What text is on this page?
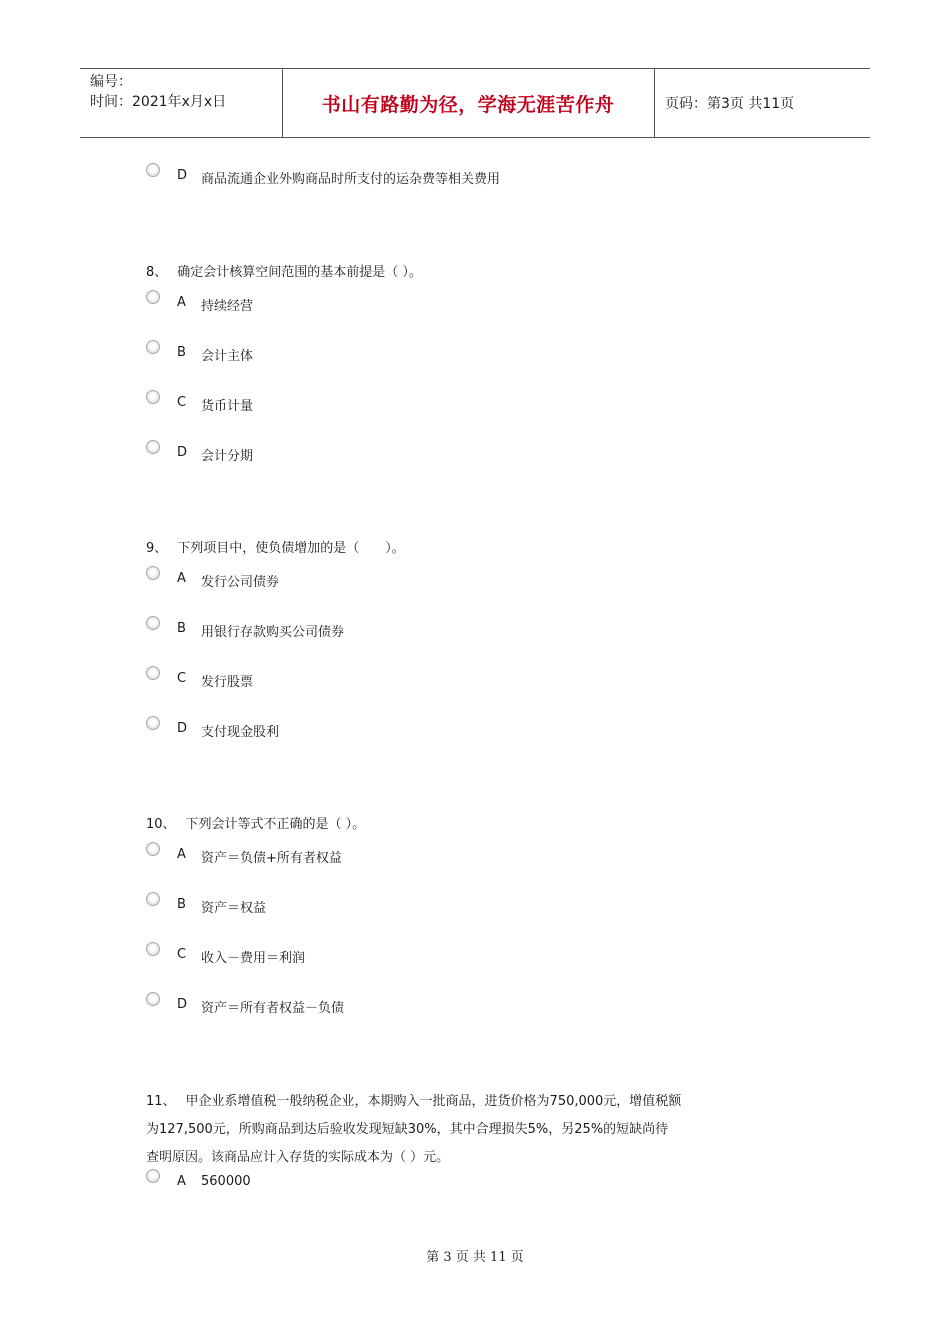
编号：
时间：2021年x月x日	书山有路勤为径，学海无涯苦作舟	页码：第3页 共11页
D 商品流通企业外购商品时所支付的运杂费等相关费用
8、 确定会计核算空间范围的基本前提是（ ）。
A 持续经营
B 会计主体
C 货币计量
D 会计分期
9、 下列项目中，使负债增加的是（　　）。
A 发行公司债券
B 用银行存款购买公司债券
C 发行股票
D 支付现金股利
10、 下列会计等式不正确的是（ ）。
A 资产＝负债+所有者权益
B 资产＝权益
C 收入－费用＝利润
D 资产＝所有者权益－负债
11、 甲企业系增值税一般纳税企业，本期购入一批商品，进货价格为750,000元，增值税额
为127,500元，所购商品到达后验收发现短缺30%，其中合理损失5%，另25%的短缺尚待
查明原因。该商品应计入存货的实际成本为（ ）元。
A 560000
第 3 页 共 11 页
